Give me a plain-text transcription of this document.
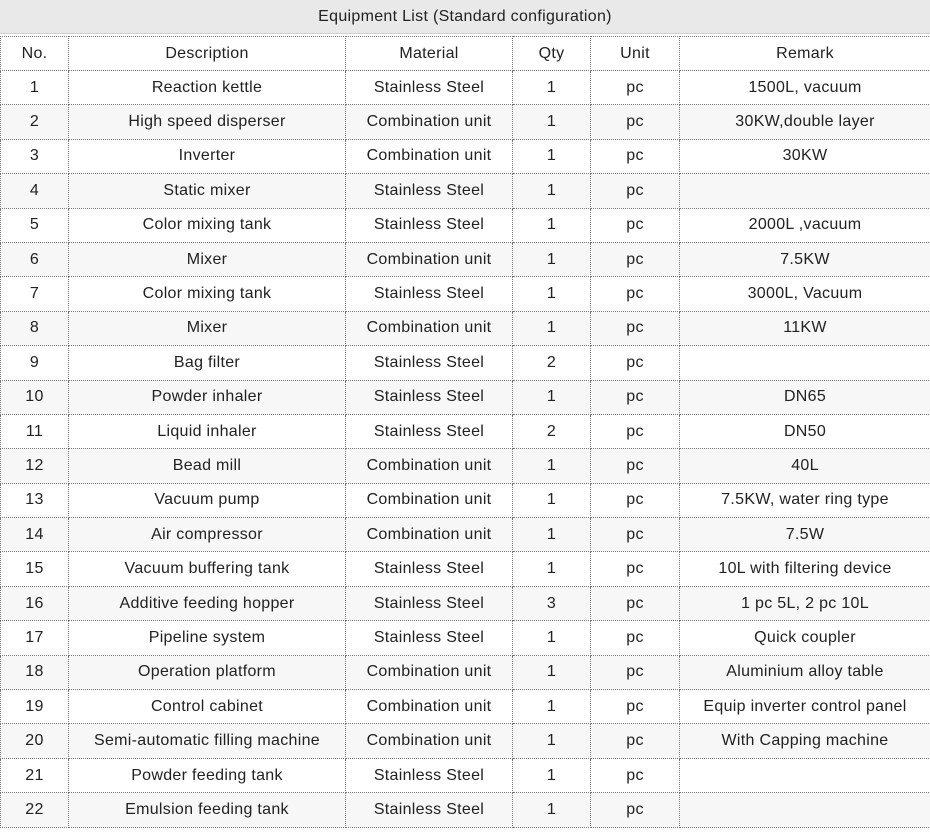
Equipment List (Standard configuration)
No.	Description	Material	Qty	Unit	Remark
1	Reaction kettle	Stainless Steel	1	pc	1500L, vacuum
2	High speed disperser	Combination unit	1	pc	30KW,double layer
3	Inverter	Combination unit	1	pc	30KW
4	Static mixer	Stainless Steel	1	pc	
5	Color mixing tank	Stainless Steel	1	pc	2000L ,vacuum
6	Mixer	Combination unit	1	pc	7.5KW
7	Color mixing tank	Stainless Steel	1	pc	3000L, Vacuum
8	Mixer	Combination unit	1	pc	11KW
9	Bag filter	Stainless Steel	2	pc	
10	Powder inhaler	Stainless Steel	1	pc	DN65
11	Liquid inhaler	Stainless Steel	2	pc	DN50
12	Bead mill	Combination unit	1	pc	40L
13	Vacuum pump	Combination unit	1	pc	7.5KW, water ring type
14	Air compressor	Combination unit	1	pc	7.5W
15	Vacuum buffering tank	Stainless Steel	1	pc	10L with filtering device
16	Additive feeding hopper	Stainless Steel	3	pc	1 pc 5L, 2 pc 10L
17	Pipeline system	Stainless Steel	1	pc	Quick coupler
18	Operation platform	Combination unit	1	pc	Aluminium alloy table
19	Control cabinet	Combination unit	1	pc	Equip inverter control panel
20	Semi-automatic filling machine	Combination unit	1	pc	With Capping machine
21	Powder feeding tank	Stainless Steel	1	pc	
22	Emulsion feeding tank	Stainless Steel	1	pc	
